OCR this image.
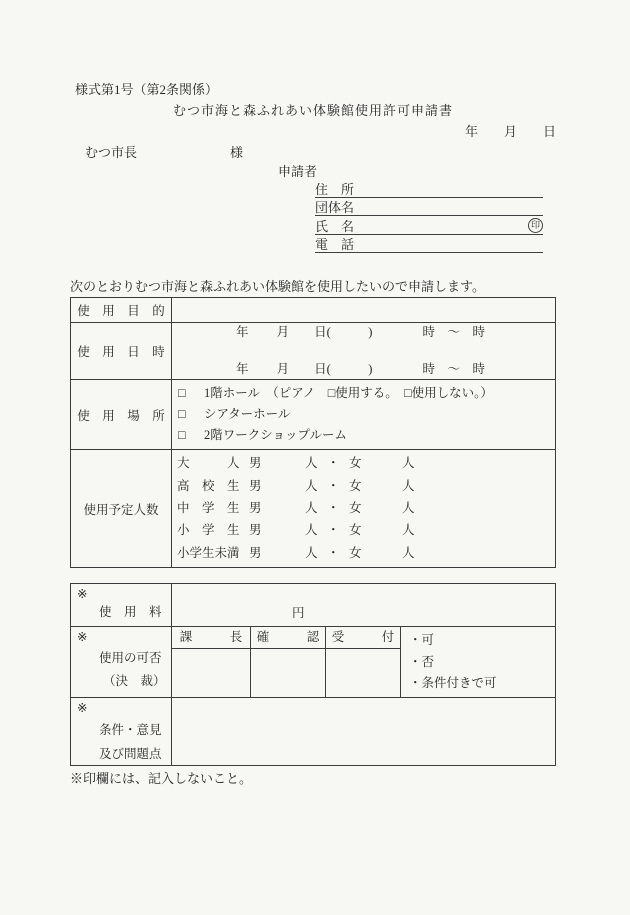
様式第1号（第2条関係）
むつ市海と森ふれあい体験館使用許可申請書
年　　月　　日
むつ市長	様
申請者
住　所
団体名
氏　名	印
電　話
次のとおりむつ市海と森ふれあい体験館を使用したいので申請します。
使　用　目　的	
使　用　日　時	年　　 月　　日(　　　)　　　　時　〜　時
年　　 月　　日(　　　)　　　　時　〜　時

使　用　場　所	
□	1階ホール　（ピアノ　□使用する。　□使用しない。）
□	シアターホール
□	2階ワークショップルーム

使用予定人数	
大　　　人 男	人 ・ 女	人
高　校　生 男	人 ・ 女	人
中　学　生 男	人 ・ 女	人
小　学　生 男	人 ・ 女	人
小学生未満 男	人 ・ 女	人
※
使　用　料	円

※
使用の可否
（決　裁）

課　　　長	確　　　認 受　　　付	・可
・否
・条件付きで可

※
条件・意見
及び問題点	

※印欄には、記入しないこと。
